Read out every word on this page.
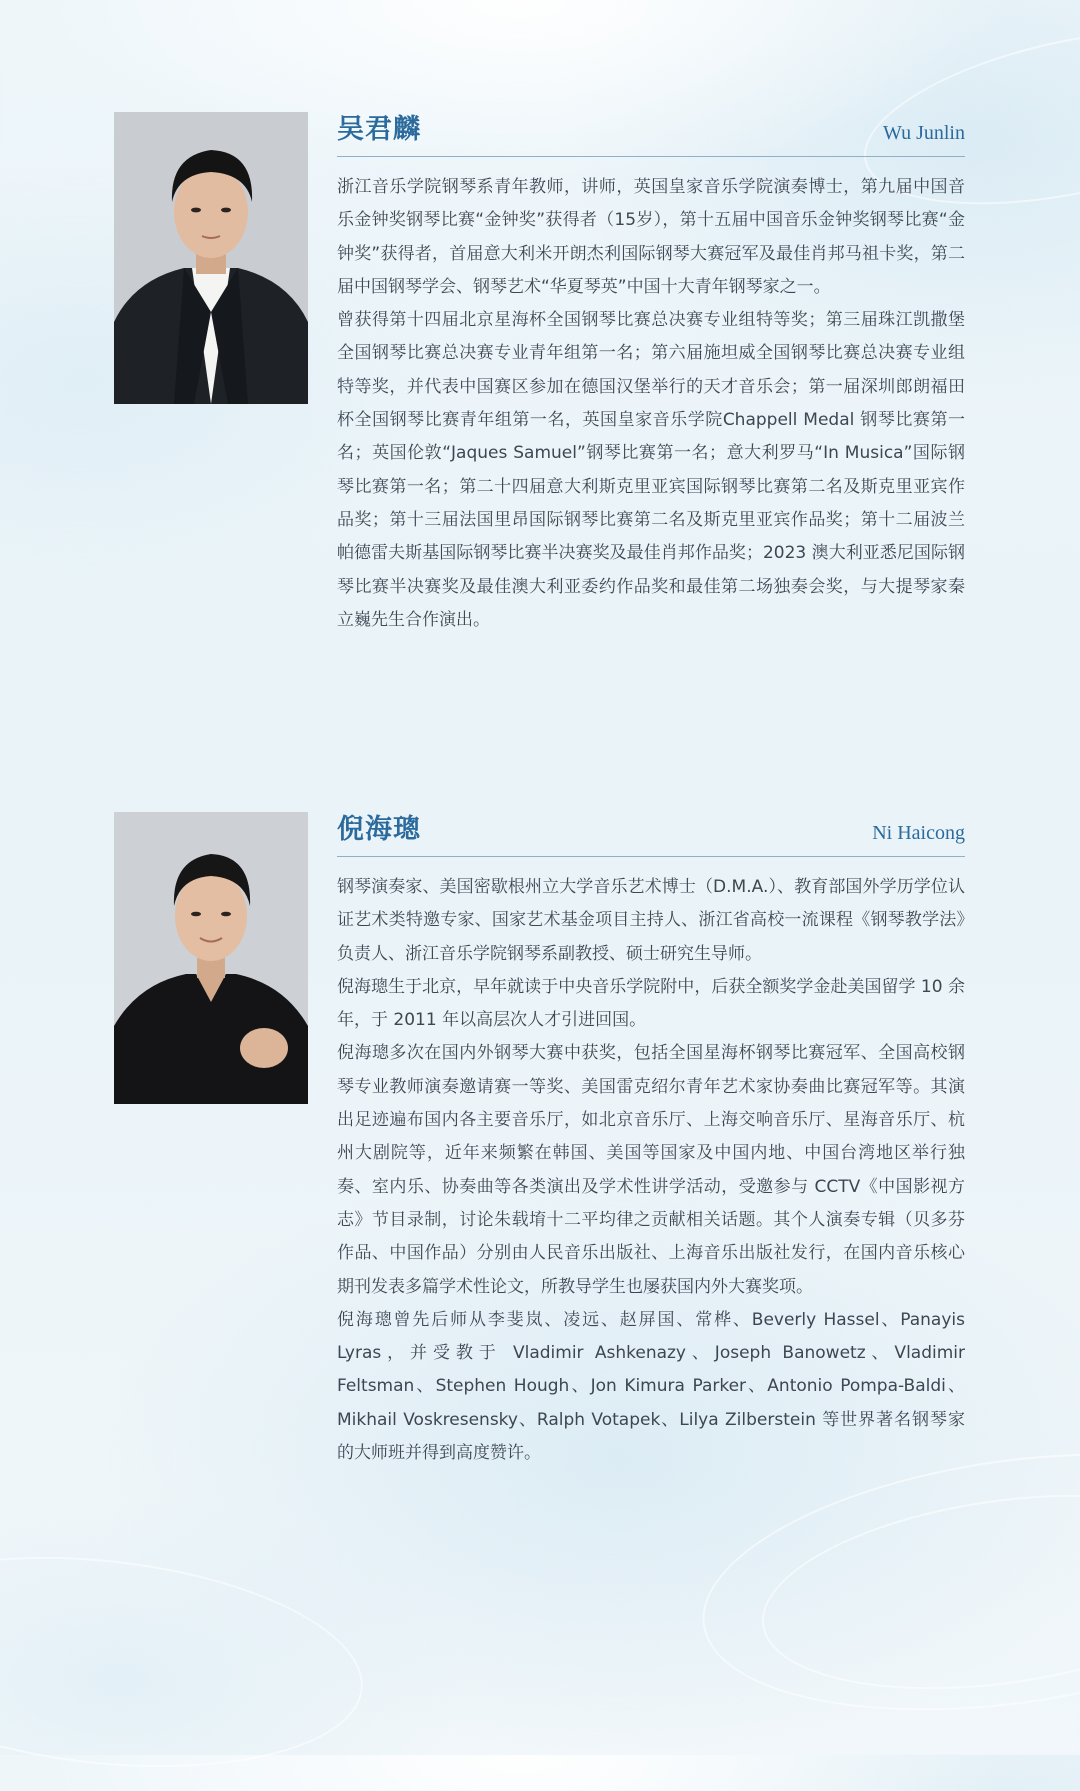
吴君麟	Wu Junlin

浙江音乐学院钢琴系青年教师，讲师，英国皇家音乐学院演奏博士，第九届中国音乐金钟奖钢琴比赛“金钟奖”获得者（15岁），第十五届中国音乐金钟奖钢琴比赛“金钟奖”获得者，首届意大利米开朗杰利国际钢琴大赛冠军及最佳肖邦马祖卡奖，第二届中国钢琴学会、钢琴艺术“华夏琴英”中国十大青年钢琴家之一。

曾获得第十四届北京星海杯全国钢琴比赛总决赛专业组特等奖；第三届珠江凯撒堡全国钢琴比赛总决赛专业青年组第一名；第六届施坦威全国钢琴比赛总决赛专业组特等奖，并代表中国赛区参加在德国汉堡举行的天才音乐会；第一届深圳郎朗福田杯全国钢琴比赛青年组第一名，英国皇家音乐学院Chappell Medal 钢琴比赛第一名；英国伦敦“Jaques Samuel”钢琴比赛第一名；意大利罗马“In Musica”国际钢琴比赛第一名；第二十四届意大利斯克里亚宾国际钢琴比赛第二名及斯克里亚宾作品奖；第十三届法国里昂国际钢琴比赛第二名及斯克里亚宾作品奖；第十二届波兰帕德雷夫斯基国际钢琴比赛半决赛奖及最佳肖邦作品奖；2023 澳大利亚悉尼国际钢琴比赛半决赛奖及最佳澳大利亚委约作品奖和最佳第二场独奏会奖，与大提琴家秦立巍先生合作演出。

倪海璁	Ni Haicong

钢琴演奏家、美国密歇根州立大学音乐艺术博士（D.M.A.）、教育部国外学历学位认证艺术类特邀专家、国家艺术基金项目主持人、浙江省高校一流课程《钢琴教学法》负责人、浙江音乐学院钢琴系副教授、硕士研究生导师。

倪海璁生于北京，早年就读于中央音乐学院附中，后获全额奖学金赴美国留学 10 余年，于 2011 年以高层次人才引进回国。

倪海璁多次在国内外钢琴大赛中获奖，包括全国星海杯钢琴比赛冠军、全国高校钢琴专业教师演奏邀请赛一等奖、美国雷克绍尔青年艺术家协奏曲比赛冠军等。其演出足迹遍布国内各主要音乐厅，如北京音乐厅、上海交响音乐厅、星海音乐厅、杭州大剧院等，近年来频繁在韩国、美国等国家及中国内地、中国台湾地区举行独奏、室内乐、协奏曲等各类演出及学术性讲学活动，受邀参与 CCTV《中国影视方志》节目录制，讨论朱载堉十二平均律之贡献相关话题。其个人演奏专辑（贝多芬作品、中国作品）分别由人民音乐出版社、上海音乐出版社发行，在国内音乐核心期刊发表多篇学术性论文，所教导学生也屡获国内外大赛奖项。

倪海璁曾先后师从李斐岚、凌远、赵屏国、常桦、Beverly Hassel、Panayis Lyras，并受教于 Vladimir Ashkenazy、Joseph Banowetz、Vladimir Feltsman、Stephen Hough、Jon Kimura Parker、Antonio Pompa-Baldi、Mikhail Voskresensky、Ralph Votapek、Lilya Zilberstein 等世界著名钢琴家的大师班并得到高度赞许。
